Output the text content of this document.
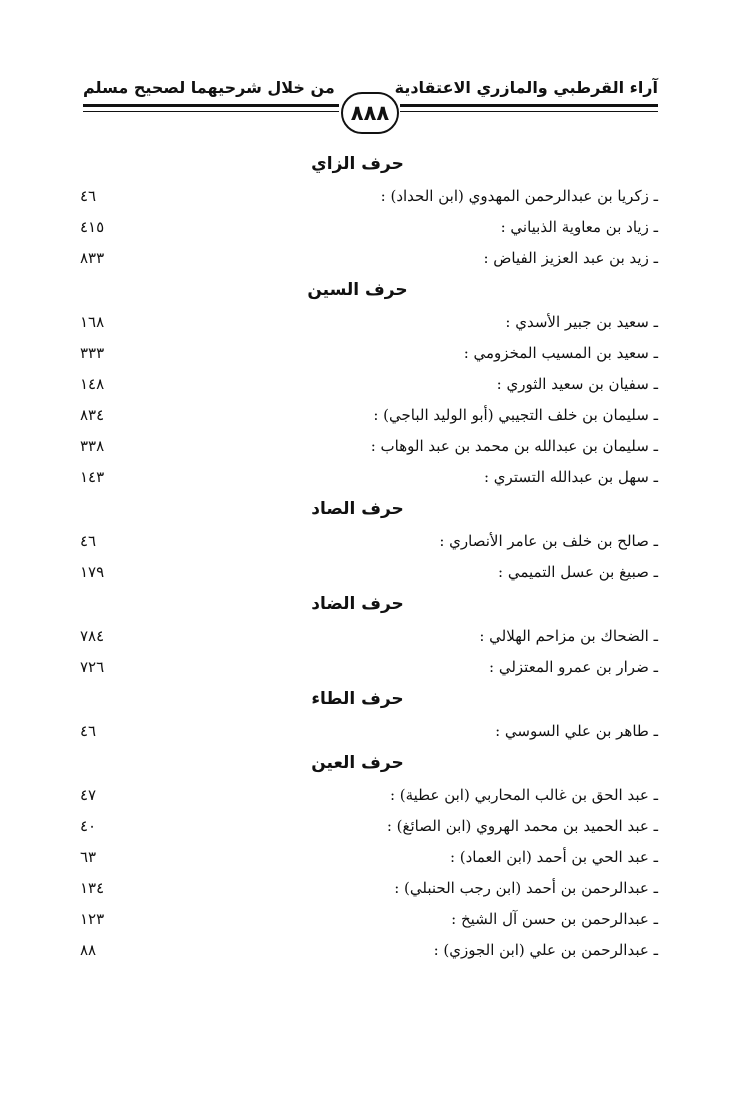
آراء القرطبي والمازري الاعتقادية
من خلال شرحيهما لصحيح مسلم
٨٨٨
حرف الزاي
ـ زكريا بن عبدالرحمن المهدوي (ابن الحداد) :
٤٦
ـ زياد بن معاوية الذبياني :
٤١٥
ـ زيد بن عبد العزيز الفياض :
٨٣٣
حرف السين
ـ سعيد بن جبير الأسدي :
١٦٨
ـ سعيد بن المسيب المخزومي :
٣٣٣
ـ سفيان بن سعيد الثوري :
١٤٨
ـ سليمان بن خلف التجيبي (أبو الوليد الباجي) :
٨٣٤
ـ سليمان بن عبدالله بن محمد بن عبد الوهاب :
٣٣٨
ـ سهل بن عبدالله التستري :
١٤٣
حرف الصاد
ـ صالح بن خلف بن عامر الأنصاري :
٤٦
ـ صبيغ بن عسل التميمي :
١٧٩
حرف الضاد
ـ الضحاك بن مزاحم الهلالي :
٧٨٤
ـ ضرار بن عمرو المعتزلي :
٧٢٦
حرف الطاء
ـ طاهر بن علي السوسي :
٤٦
حرف العين
ـ عبد الحق بن غالب المحاربي (ابن عطية) :
٤٧
ـ عبد الحميد بن محمد الهروي (ابن الصائغ) :
٤٠
ـ عبد الحي بن أحمد (ابن العماد) :
٦٣
ـ عبدالرحمن بن أحمد (ابن رجب الحنبلي) :
١٣٤
ـ عبدالرحمن بن حسن آل الشيخ :
١٢٣
ـ عبدالرحمن بن علي (ابن الجوزي) :
٨٨
